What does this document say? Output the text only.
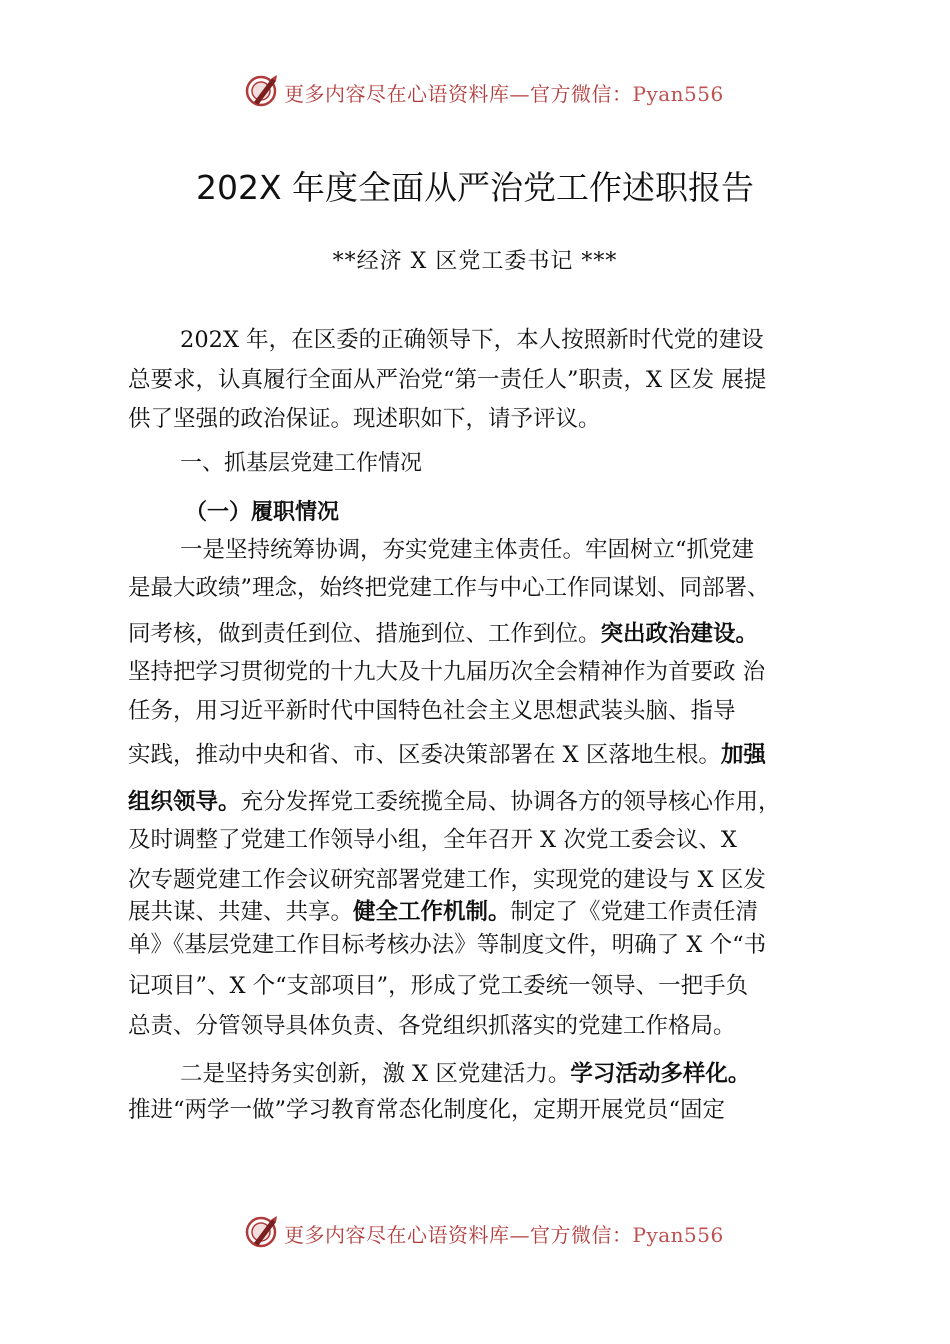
更多内容尽在心语资料库—官方微信：Pyan556
202X 年度全面从严治党工作述职报告
**经济 X 区党工委书记 ***
202X 年，在区委的正确领导下，本人按照新时代党的建设
总要求，认真履行全面从严治党“第一责任人”职责，X 区发 展提
供了坚强的政治保证。现述职如下，请予评议。
一、抓基层党建工作情况
（一）履职情况
一是坚持统筹协调，夯实党建主体责任。牢固树立“抓党建
是最大政绩”理念，始终把党建工作与中心工作同谋划、同部署、
同考核，做到责任到位、措施到位、工作到位。突出政治建设。
坚持把学习贯彻党的十九大及十九届历次全会精神作为首要政 治
任务，用习近平新时代中国特色社会主义思想武装头脑、指导
实践，推动中央和省、市、区委决策部署在 X 区落地生根。加强
组织领导。充分发挥党工委统揽全局、协调各方的领导核心作用，
及时调整了党建工作领导小组，全年召开 X 次党工委会议、X
次专题党建工作会议研究部署党建工作，实现党的建设与 X 区发
展共谋、共建、共享。健全工作机制。制定了《党建工作责任清
单》《基层党建工作目标考核办法》等制度文件，明确了 X 个“书
记项目”、X 个“支部项目”，形成了党工委统一领导、一把手负
总责、分管领导具体负责、各党组织抓落实的党建工作格局。
二是坚持务实创新，激 X 区党建活力。学习活动多样化。
推进“两学一做”学习教育常态化制度化，定期开展党员“固定
更多内容尽在心语资料库—官方微信：Pyan556
